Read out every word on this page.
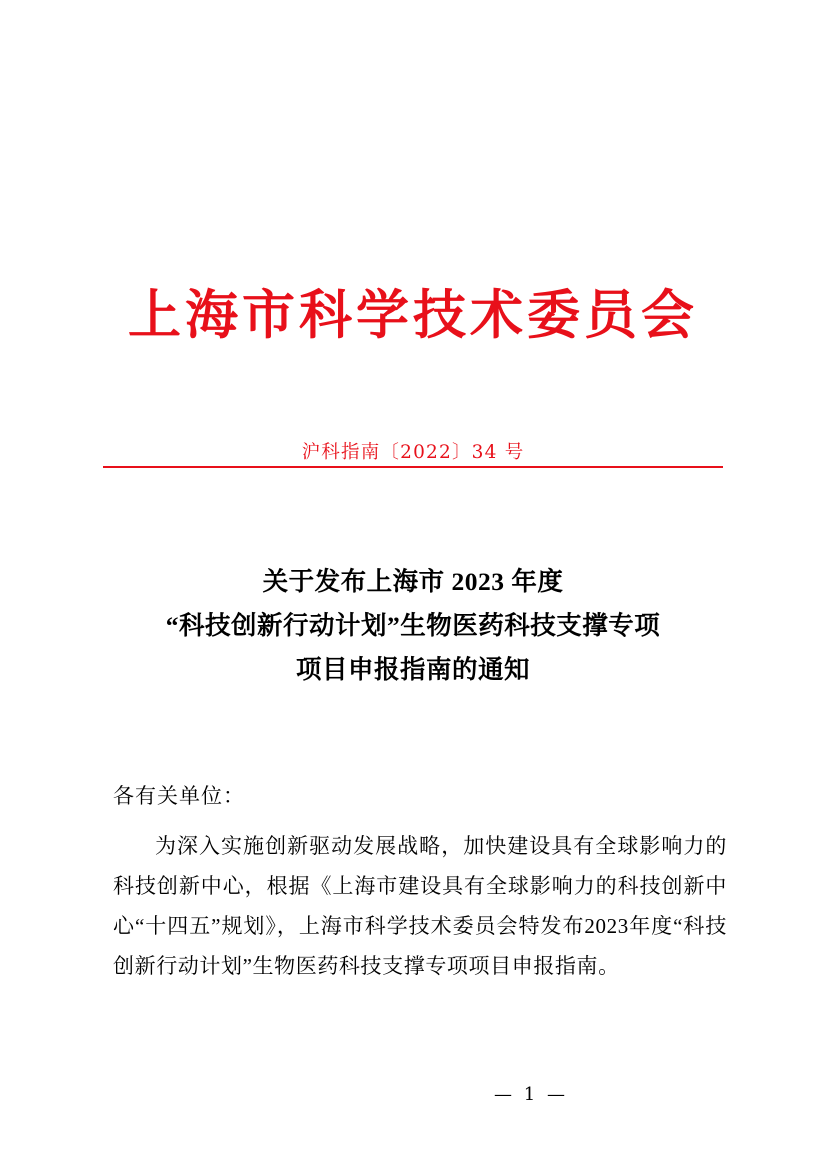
上海市科学技术委员会
沪科指南〔2022〕34 号
关于发布上海市 2023 年度
“科技创新行动计划”生物医药科技支撑专项
项目申报指南的通知
各有关单位：

为深入实施创新驱动发展战略，加快建设具有全球影响力的科技创新中心，根据《上海市建设具有全球影响力的科技创新中心“十四五”规划》，上海市科学技术委员会特发布2023年度“科技创新行动计划”生物医药科技支撑专项项目申报指南。

— 1 —
